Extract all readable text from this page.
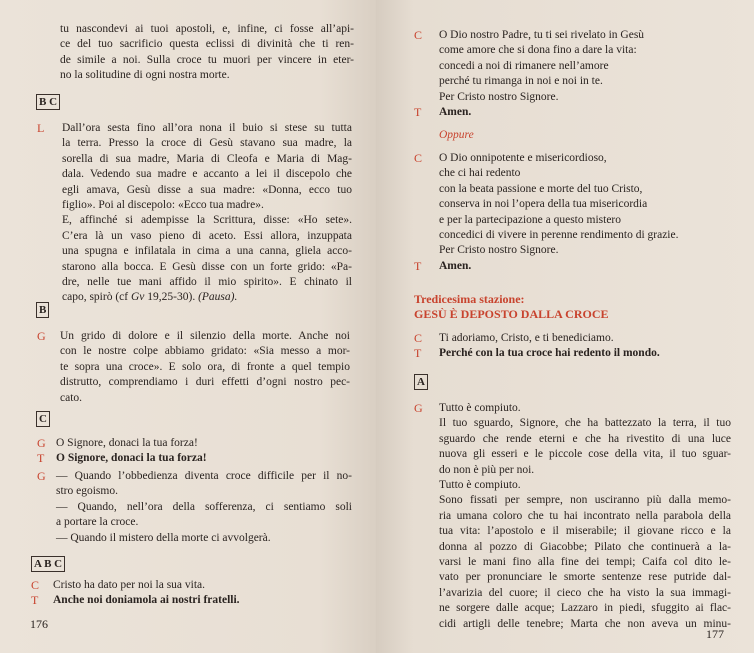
tu nascondevi ai tuoi apostoli, e, infine, ci fosse all’api-
ce del tuo sacrificio questa eclissi di divinità che ti ren-
de simile a noi. Sulla croce tu muori per vincere in eter-
no la solitudine di ogni nostra morte.
B C
L Dall’ora sesta fino all’ora nona il buio si stese su tutta
la terra. Presso la croce di Gesù stavano sua madre, la
sorella di sua madre, Maria di Cleofa e Maria di Mag-
dala. Vedendo sua madre e accanto a lei il discepolo che
egli amava, Gesù disse a sua madre: «Donna, ecco tuo
figlio». Poi al discepolo: «Ecco tua madre».
E, affinché si adempisse la Scrittura, disse: «Ho sete».
C’era là un vaso pieno di aceto. Essi allora, inzuppata
una spugna e infilatala in cima a una canna, gliela acco-
starono alla bocca. E Gesù disse con un forte grido: «Pa-
dre, nelle tue mani affido il mio spirito». E chinato il
capo, spirò (cf Gv 19,25-30). (Pausa).
B
G Un grido di dolore e il silenzio della morte. Anche noi
con le nostre colpe abbiamo gridato: «Sia messo a mor-
te sopra una croce». E solo ora, di fronte a quel tempio
distrutto, comprendiamo i duri effetti d’ogni nostro pec-
cato.
C
G O Signore, donaci la tua forza!
T O Signore, donaci la tua forza!
G — Quando l’obbedienza diventa croce difficile per il no-
stro egoismo.
— Quando, nell’ora della sofferenza, ci sentiamo soli
a portare la croce.
— Quando il mistero della morte ci avvolgerà.
A B C
C Cristo ha dato per noi la sua vita.
T Anche noi doniamola ai nostri fratelli.
176
C O Dio nostro Padre, tu ti sei rivelato in Gesù
come amore che si dona fino a dare la vita:
concedi a noi di rimanere nell’amore
perché tu rimanga in noi e noi in te.
Per Cristo nostro Signore.
T Amen.
Oppure
C O Dio onnipotente e misericordioso,
che ci hai redento
con la beata passione e morte del tuo Cristo,
conserva in noi l’opera della tua misericordia
e per la partecipazione a questo mistero
concedici di vivere in perenne rendimento di grazie.
Per Cristo nostro Signore.
T Amen.
Tredicesima stazione:
GESÙ È DEPOSTO DALLA CROCE
C Ti adoriamo, Cristo, e ti benediciamo.
T Perché con la tua croce hai redento il mondo.
A
G Tutto è compiuto.
Il tuo sguardo, Signore, che ha battezzato la terra, il tuo
sguardo che rende eterni e che ha rivestito di una luce
nuova gli esseri e le piccole cose della vita, il tuo sguar-
do non è più per noi.
Tutto è compiuto.
Sono fissati per sempre, non usciranno più dalla memo-
ria umana coloro che tu hai incontrato nella parabola della
tua vita: l’apostolo e il miserabile; il giovane ricco e la
donna al pozzo di Giacobbe; Pilato che continuerà a la-
varsi le mani fino alla fine dei tempi; Caifa col dito le-
vato per pronunciare le smorte sentenze rese putride dal-
l’avarizia del cuore; il cieco che ha visto la sua immagi-
ne sorgere dalle acque; Lazzaro in piedi, sfuggito ai flac-
cidi artigli delle tenebre; Marta che non aveva un minu-
177
